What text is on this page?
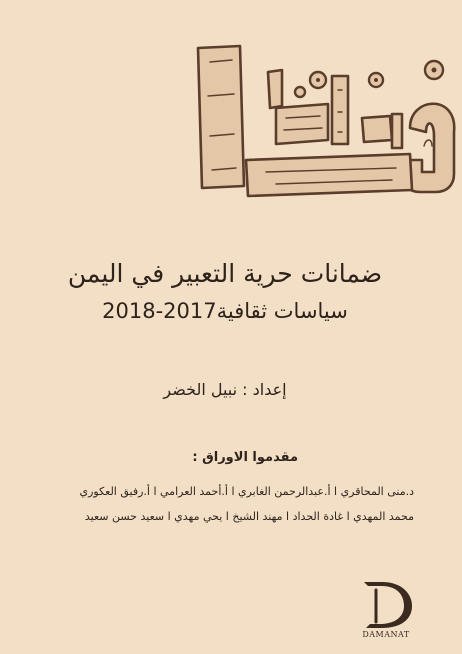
ضمانات حرية التعبير في اليمن
سياسات ثقافية2017-2018
إعداد : نبيل الخضر
مقدموا الاوراق :
د.منى المحاقري ا أ.عبدالرحمن الغابري ا أ.أحمد العرامي ا أ.رفيق العكوري
محمد المهدي ا غادة الحداد ا مهند الشيخ ا يحي مهدي ا سعيد حسن سعيد
DAMANAT
